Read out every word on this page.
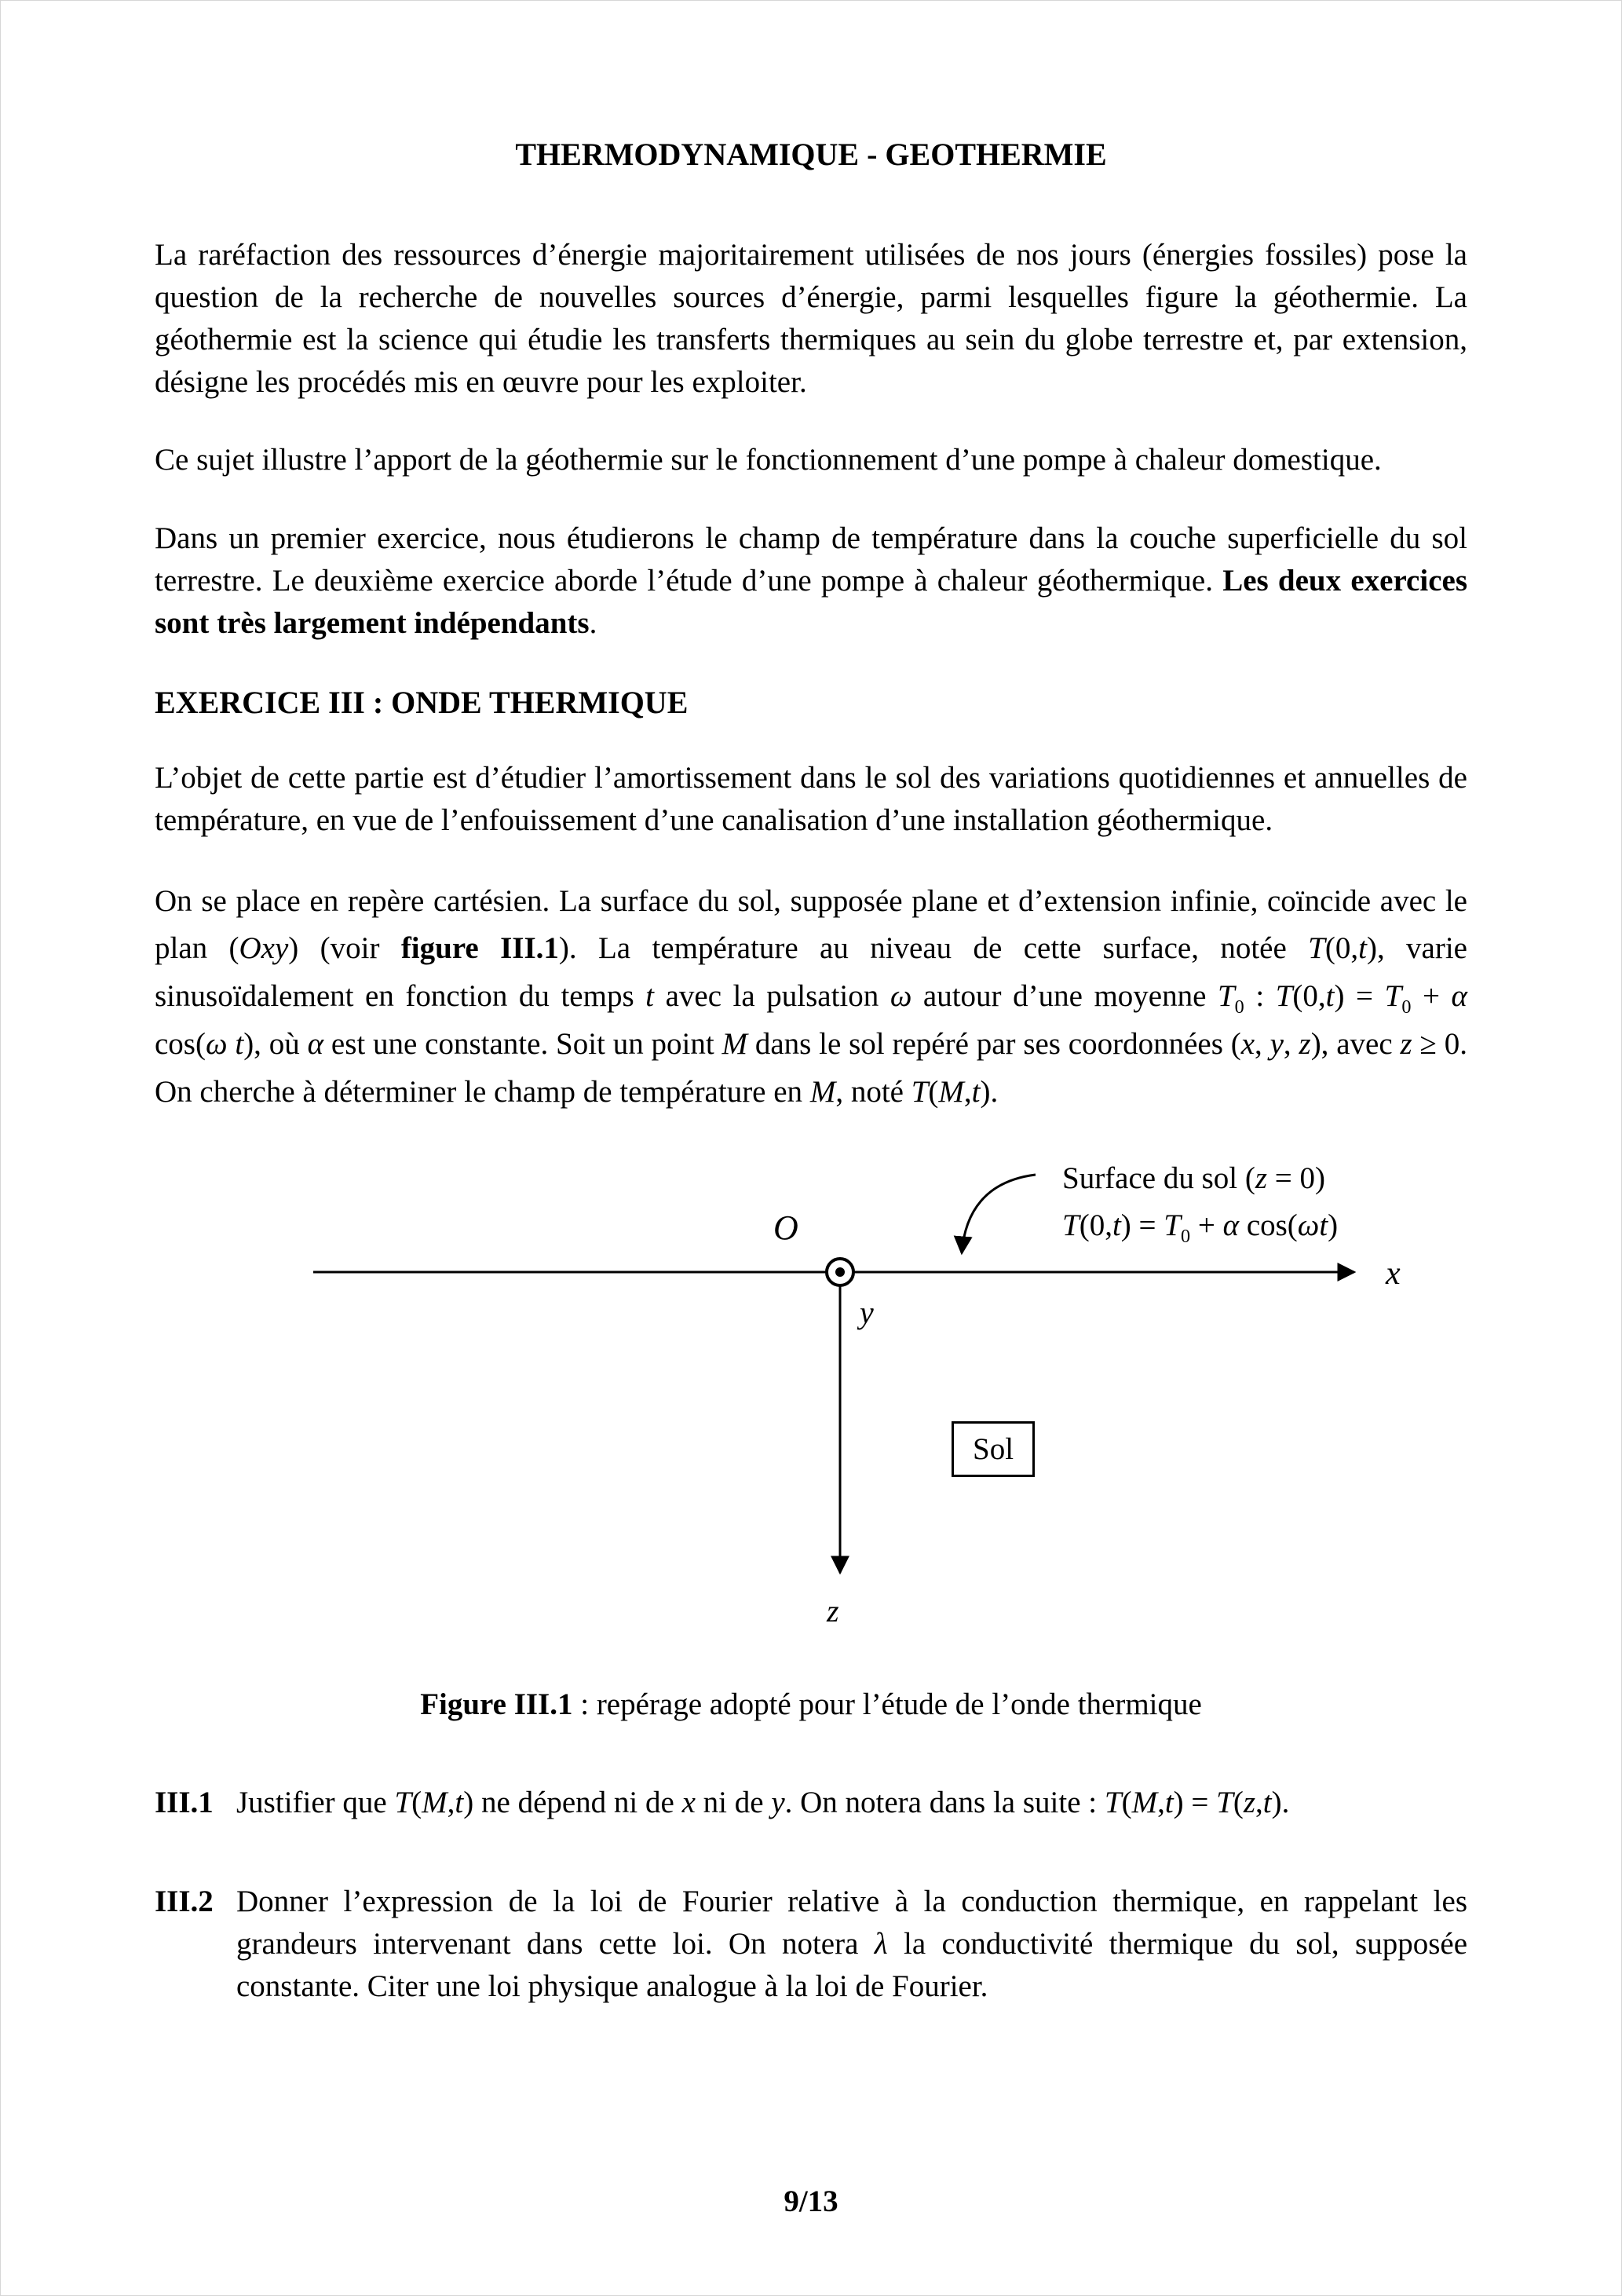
THERMODYNAMIQUE - GEOTHERMIE

La raréfaction des ressources d’énergie majoritairement utilisées de nos jours (énergies fossiles) pose la question de la recherche de nouvelles sources d’énergie, parmi lesquelles figure la géothermie. La géothermie est la science qui étudie les transferts thermiques au sein du globe terrestre et, par extension, désigne les procédés mis en œuvre pour les exploiter.

Ce sujet illustre l’apport de la géothermie sur le fonctionnement d’une pompe à chaleur domestique.

Dans un premier exercice, nous étudierons le champ de température dans la couche superficielle du sol terrestre. Le deuxième exercice aborde l’étude d’une pompe à chaleur géothermique. Les deux exercices sont très largement indépendants.

EXERCICE III : ONDE THERMIQUE

L’objet de cette partie est d’étudier l’amortissement dans le sol des variations quotidiennes et annuelles de température, en vue de l’enfouissement d’une canalisation d’une installation géothermique.

On se place en repère cartésien. La surface du sol, supposée plane et d’extension infinie, coïncide avec le plan (Oxy) (voir figure III.1). La température au niveau de cette surface, notée T(0,t), varie sinusoïdalement en fonction du temps t avec la pulsation ω autour d’une moyenne $T_0$ : $T(0,t) = T_0 + \alpha$ cos(ω t), où α est une constante. Soit un point M dans le sol repéré par ses coordonnées (x, y, z), avec z ≥ 0. On cherche à déterminer le champ de température en M, noté T(M,t).

Surface du sol (z = 0)
$T(0,t) = T_0 + \alpha$ cos(ωt)
O
x
y
z
Sol

Figure III.1 : repérage adopté pour l’étude de l’onde thermique

III.1 Justifier que T(M,t) ne dépend ni de x ni de y. On notera dans la suite : T(M,t) = T(z,t).
III.2 Donner l’expression de la loi de Fourier relative à la conduction thermique, en rappelant les grandeurs intervenant dans cette loi. On notera λ la conductivité thermique du sol, supposée constante. Citer une loi physique analogue à la loi de Fourier.
9/13
